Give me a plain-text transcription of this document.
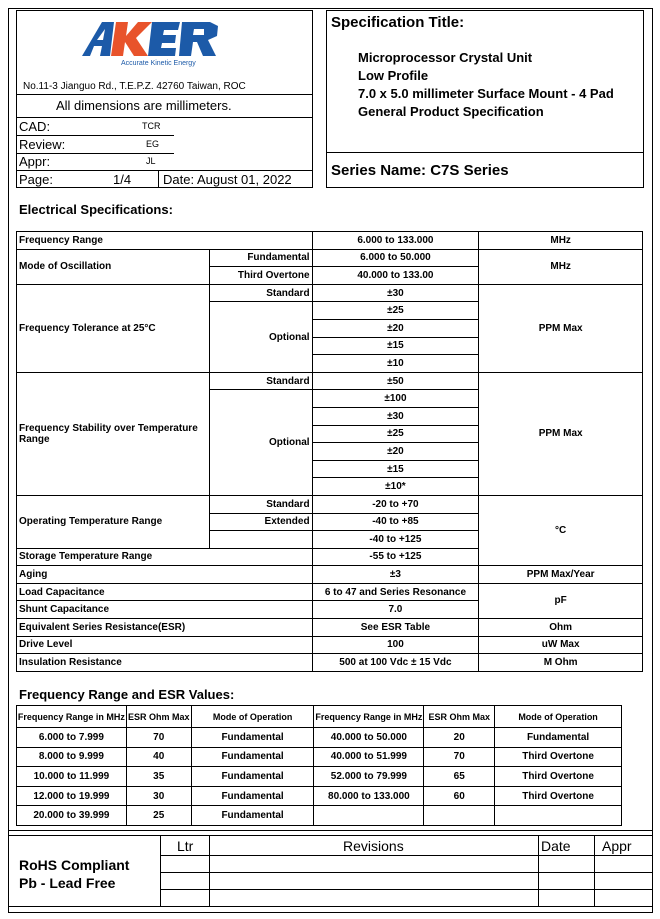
Accurate Kinetic Energy
No.11-3 Jianguo Rd., T.E.P.Z. 42760 Taiwan, ROC
All dimensions are millimeters.
CAD:	TCR
Review:	EG
Appr:	JL
Page:	1/4 Date: August 01, 2022
Specification Title:
Microprocessor Crystal Unit
Low Profile
7.0 x 5.0 millimeter Surface Mount - 4 Pad
General Product Specification
Series Name: C7S Series
Electrical Specifications:
Frequency Range		6.000 to 133.000	MHz
Mode of Oscillation	Fundamental	6.000 to 50.000	MHz
	Third Overtone	40.000 to 133.00	
Frequency Tolerance at 25°C	Standard	±30	PPM Max
	Optional	±25	
		±20	
		±15	
		±10	
Frequency Stability over Temperature Range	Standard	±50	PPM Max
	Optional	±100	
		±30	
		±25	
		±20	
		±15	
		±10*	
Operating Temperature Range	Standard	-20 to +70	°C
	Extended	-40 to +85	
		-40 to +125	
Storage Temperature Range		-55 to +125	
Aging		±3	PPM Max/Year
Load Capacitance		6 to 47 and Series Resonance	pF
Shunt Capacitance		7.0	
Equivalent Series Resistance(ESR)		See ESR Table	Ohm
Drive Level		100	uW Max
Insulation Resistance		500 at 100 Vdc ± 15 Vdc	M Ohm
Frequency Range and ESR Values:
Frequency Range in MHz	ESR Ohm Max	Mode of Operation	Frequency Range in MHz	ESR Ohm Max	Mode of Operation
6.000 to 7.999	70	Fundamental	40.000 to 50.000	20	Fundamental
8.000 to 9.999	40	Fundamental	40.000 to 51.999	70	Third Overtone
10.000 to 11.999	35	Fundamental	52.000 to 79.999	65	Third Overtone
12.000 to 19.999	30	Fundamental	80.000 to 133.000	60	Third Overtone
20.000 to 39.999	25	Fundamental			
RoHS Compliant
Pb - Lead Free
Ltr	Revisions	Date Appr
